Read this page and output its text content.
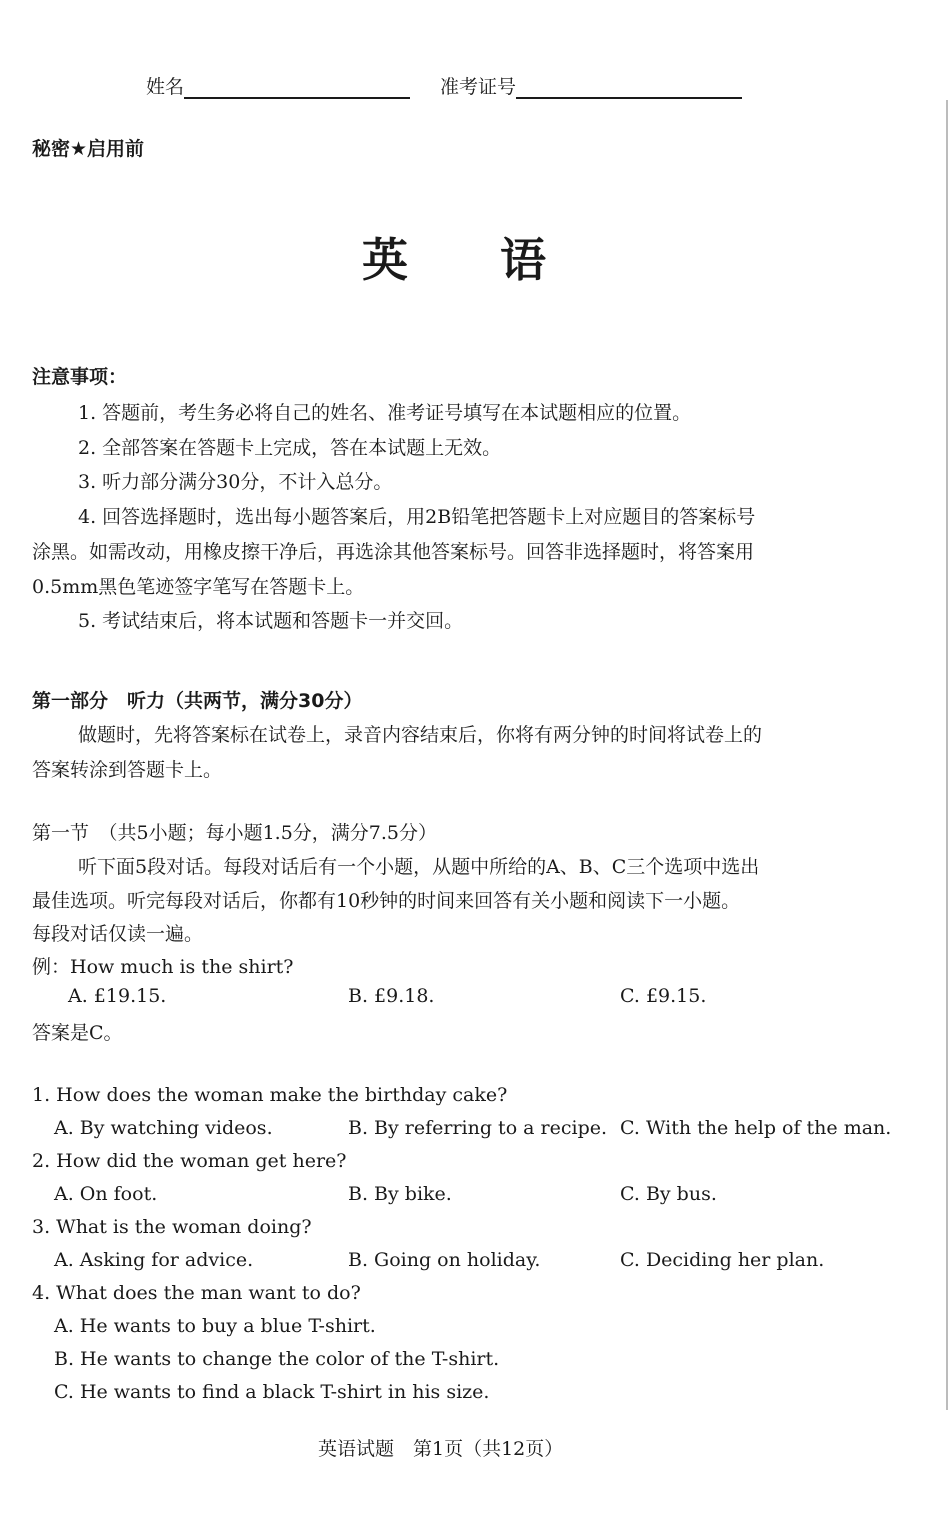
姓名	准考证号
秘密★启用前
英　　语
注意事项：
1. 答题前，考生务必将自己的姓名、准考证号填写在本试题相应的位置。
2. 全部答案在答题卡上完成，答在本试题上无效。
3. 听力部分满分30分，不计入总分。
4. 回答选择题时，选出每小题答案后，用2B铅笔把答题卡上对应题目的答案标号
涂黑。如需改动，用橡皮擦干净后，再选涂其他答案标号。回答非选择题时，将答案用
0.5mm黑色笔迹签字笔写在答题卡上。
5. 考试结束后，将本试题和答题卡一并交回。
第一部分　听力（共两节，满分30分）
做题时，先将答案标在试卷上，录音内容结束后，你将有两分钟的时间将试卷上的
答案转涂到答题卡上。
第一节　（共5小题；每小题1.5分，满分7.5分）
听下面5段对话。每段对话后有一个小题，从题中所给的A、B、C三个选项中选出
最佳选项。听完每段对话后，你都有10秒钟的时间来回答有关小题和阅读下一小题。
每段对话仅读一遍。
例：How much is the shirt?
A. £19.15.	B. £9.18.	C. £9.15.
答案是C。
1. How does the woman make the birthday cake?
A. By watching videos.	B. By referring to a recipe. C. With the help of the man.
2. How did the woman get here?
A. On foot.	B. By bike.	C. By bus.
3. What is the woman doing?
A. Asking for advice.	B. Going on holiday.	C. Deciding her plan.
4. What does the man want to do?
A. He wants to buy a blue T-shirt.
B. He wants to change the color of the T-shirt.
C. He wants to find a black T-shirt in his size.
英语试题　第1页（共12页）
